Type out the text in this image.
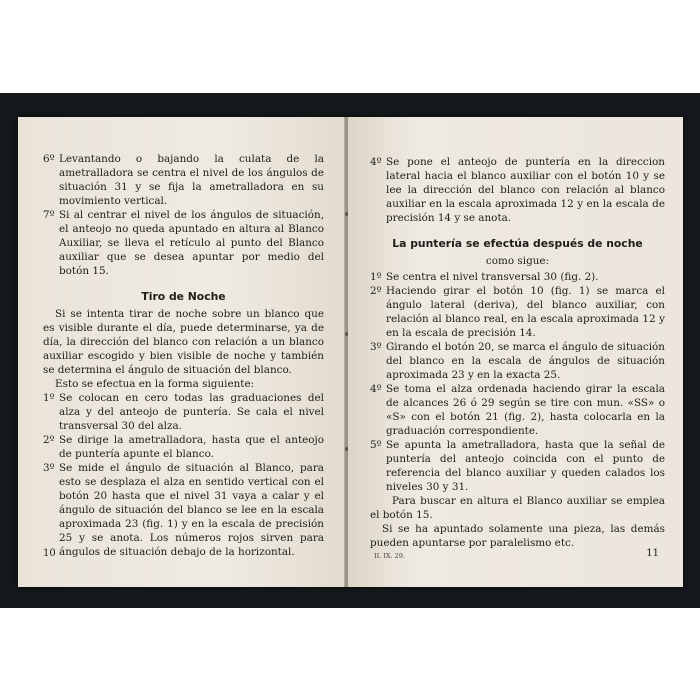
6º Levantando o bajando la culata de la ametralladora se centra el nivel de los ángulos de situación 31 y se fija la ametralladora en su movimiento vertical.
7º Si al centrar el nivel de los ángulos de situación, el anteojo no queda apuntado en altura al Blanco Auxiliar, se lleva el retículo al punto del Blanco auxiliar que se desea apuntar por medio del botón 15.
Tiro de Noche

Si se intenta tirar de noche sobre un blanco que es visible durante el día, puede determinarse, ya de día, la dirección del blanco con relación a un blanco auxiliar escogido y bien visible de noche y también se determina el ángulo de situación del blanco.

Esto se efectua en la forma siguiente:

1º Se colocan en cero todas las graduaciones del alza y del anteojo de puntería. Se cala el nivel transversal 30 del alza.
2º Se dirige la ametralladora, hasta que el anteojo de puntería apunte el blanco.
3º Se mide el ángulo de situación al Blanco, para esto se desplaza el alza en sentido vertical con el botón 20 hasta que el nivel 31 vaya a calar y el ángulo de situación del blanco se lee en la escala aproximada 23 (fig. 1) y en la escala de precisión 25 y se anota. Los números rojos sirven para ángulos de situación debajo de la horizontal.
10
4º Se pone el anteojo de puntería en la direccion lateral hacia el blanco auxiliar con el botón 10 y se lee la dirección del blanco con relación al blanco auxiliar en la escala aproximada 12 y en la escala de precisión 14 y se anota.
La puntería se efectúa después de noche
como sigue:
1º Se centra el nivel transversal 30 (fig. 2).
2º Haciendo girar el botón 10 (fig. 1) se marca el ángulo lateral (deriva), del blanco auxiliar, con relación al blanco real, en la escala aproximada 12 y en la escala de precisión 14.
3º Girando el botón 20, se marca el ángulo de situación del blanco en la escala de ángulos de situación aproximada 23 y en la exacta 25.
4º Se toma el alza ordenada haciendo girar la escala de alcances 26 ó 29 según se tire con mun. «SS» o «S» con el botón 21 (fig. 2), hasta colocarla en la graduación correspondiente.
5º Se apunta la ametralladora, hasta que la señal de puntería del anteojo coincida con el punto de referencia del blanco auxiliar y queden calados los niveles 30 y 31.

Para buscar en altura el Blanco auxiliar se emplea el botón 15.

Si se ha apuntado solamente una pieza, las demás pueden apuntarse por paralelismo etc.

II. IX. 29.	11
